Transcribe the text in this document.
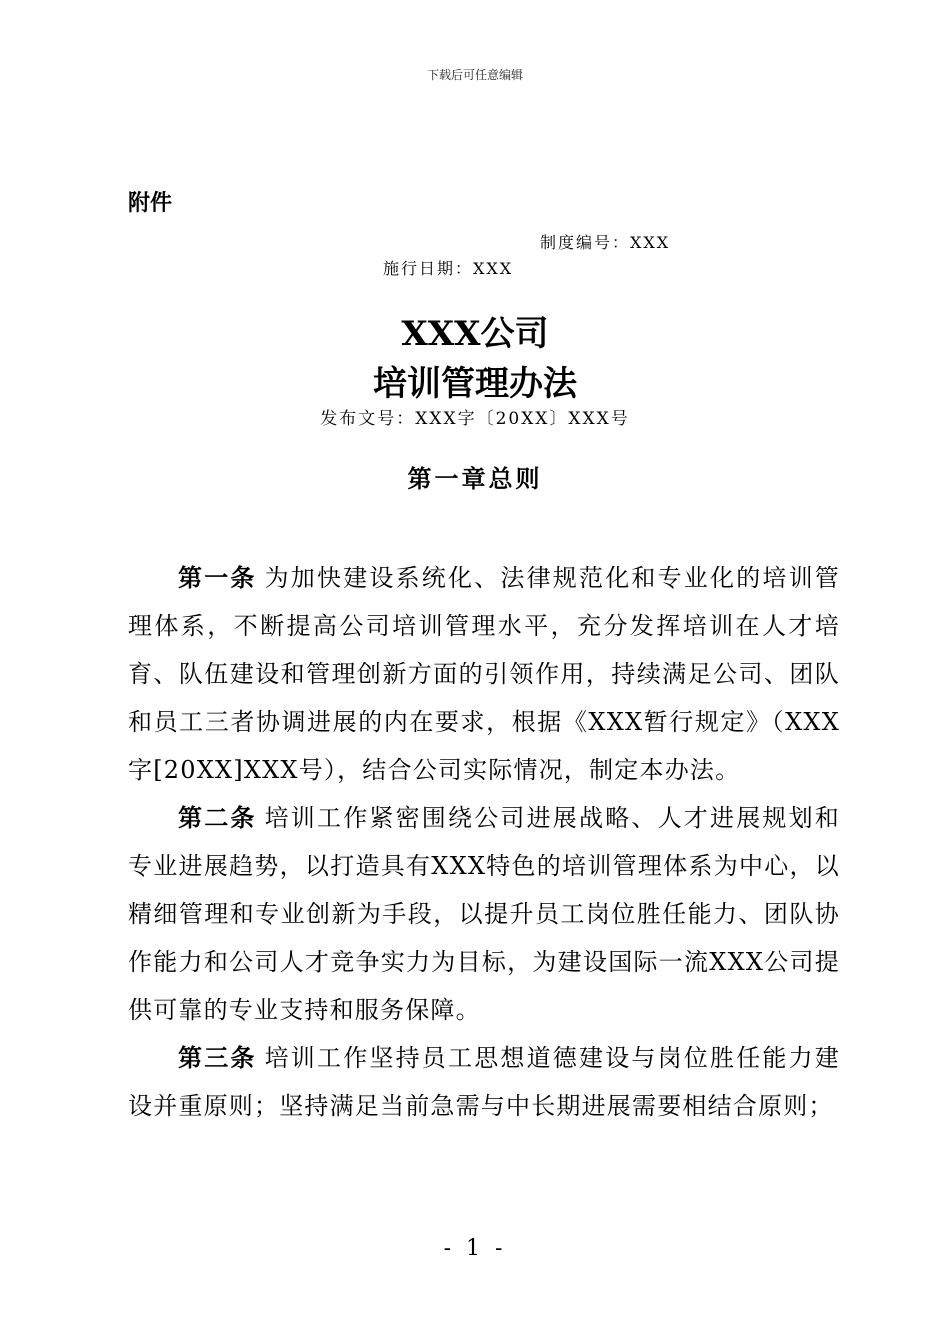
下载后可任意编辑
附件
制度编号：XXX
施行日期：XXX
XXX公司
培训管理办法
发布文号：XXX字〔20XX〕XXX号
第一章总则

第一条 为加快建设系统化、法律规范化和专业化的培训管理体系，不断提高公司培训管理水平，充分发挥培训在人才培育、队伍建设和管理创新方面的引领作用，持续满足公司、团队和员工三者协调进展的内在要求，根据《XXX暂行规定》（XXX字[20XX]XXX号），结合公司实际情况，制定本办法。

第二条 培训工作紧密围绕公司进展战略、人才进展规划和专业进展趋势，以打造具有XXX特色的培训管理体系为中心，以精细管理和专业创新为手段，以提升员工岗位胜任能力、团队协作能力和公司人才竞争实力为目标，为建设国际一流XXX公司提供可靠的专业支持和服务保障。

第三条 培训工作坚持员工思想道德建设与岗位胜任能力建设并重原则；坚持满足当前急需与中长期进展需要相结合原则；

- 1 -
